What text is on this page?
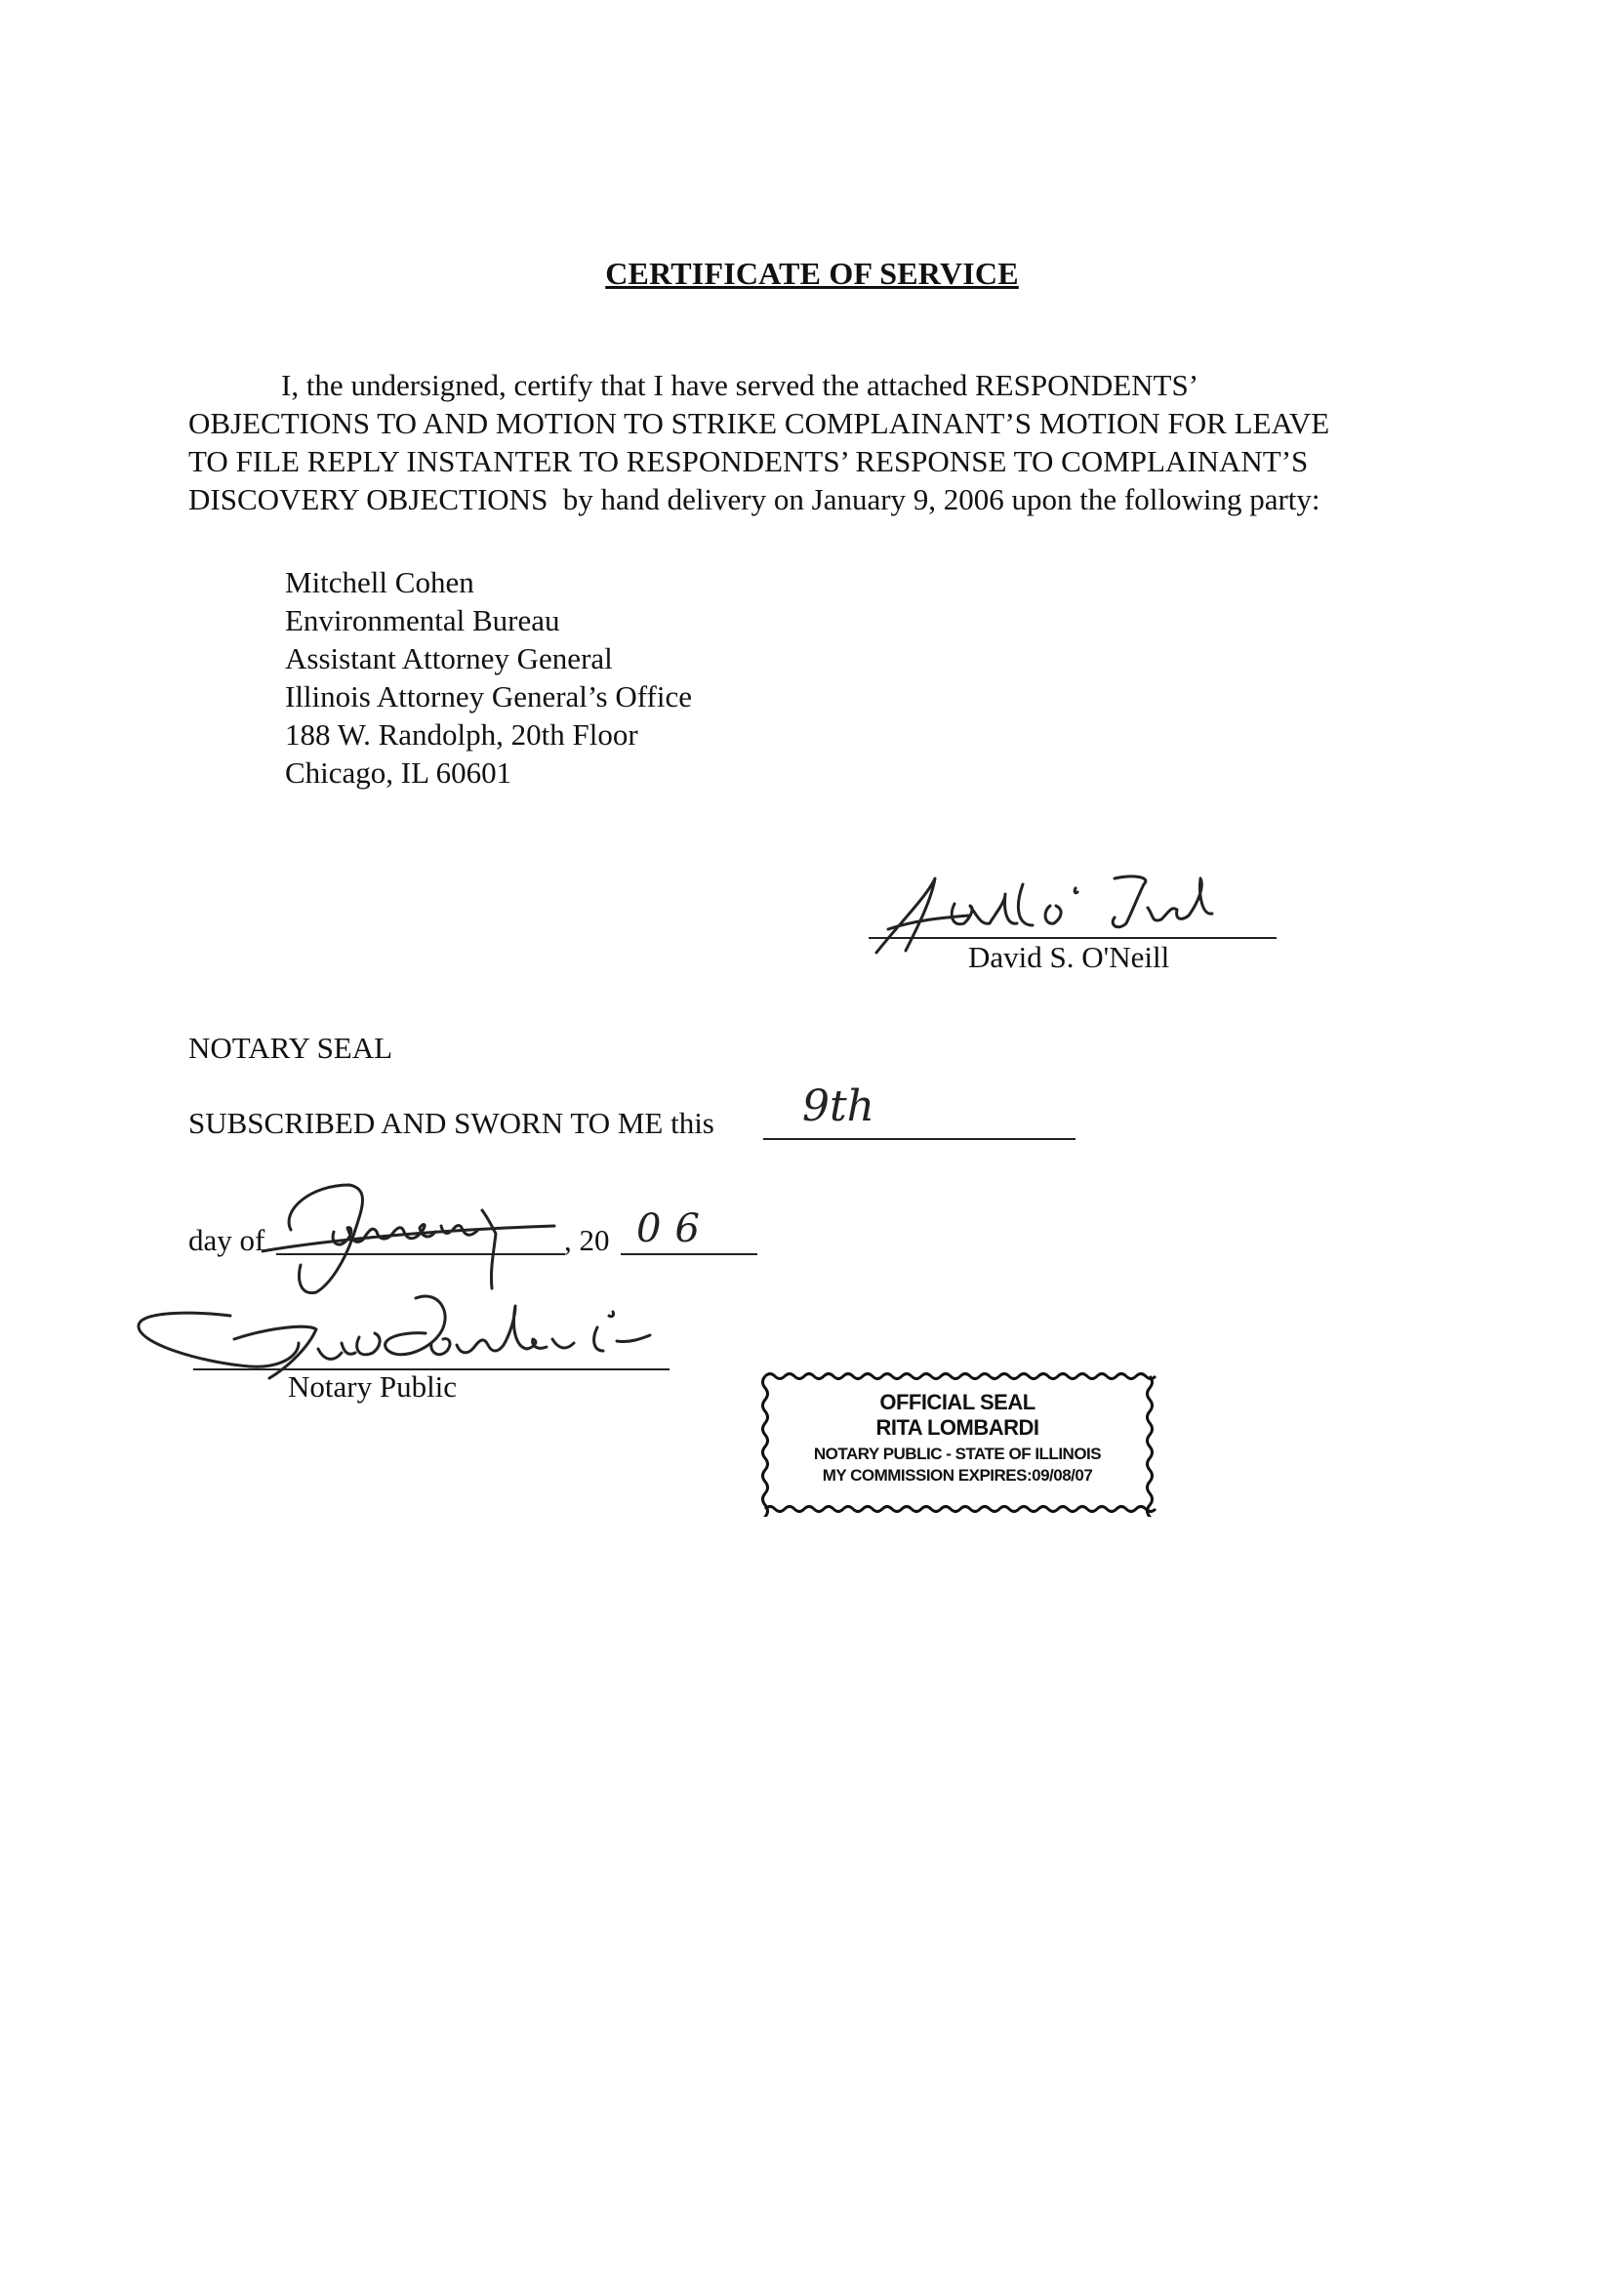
CERTIFICATE OF SERVICE
I, the undersigned, certify that I have served the attached RESPONDENTS’
OBJECTIONS TO AND MOTION TO STRIKE COMPLAINANT’S MOTION FOR LEAVE
TO FILE REPLY INSTANTER TO RESPONDENTS’ RESPONSE TO COMPLAINANT’S
DISCOVERY OBJECTIONS  by hand delivery on January 9, 2006 upon the following party:
Mitchell Cohen
Environmental Bureau
Assistant Attorney General
Illinois Attorney General’s Office
188 W. Randolph, 20th Floor
Chicago, IL 60601
David S. O'Neill
NOTARY SEAL
SUBSCRIBED AND SWORN TO ME this 9th
day of	, 20 06
Notary Public	OFFICIAL SEAL
RITA LOMBARDI
NOTARY PUBLIC - STATE OF ILLINOIS
MY COMMISSION EXPIRES:09/08/07
